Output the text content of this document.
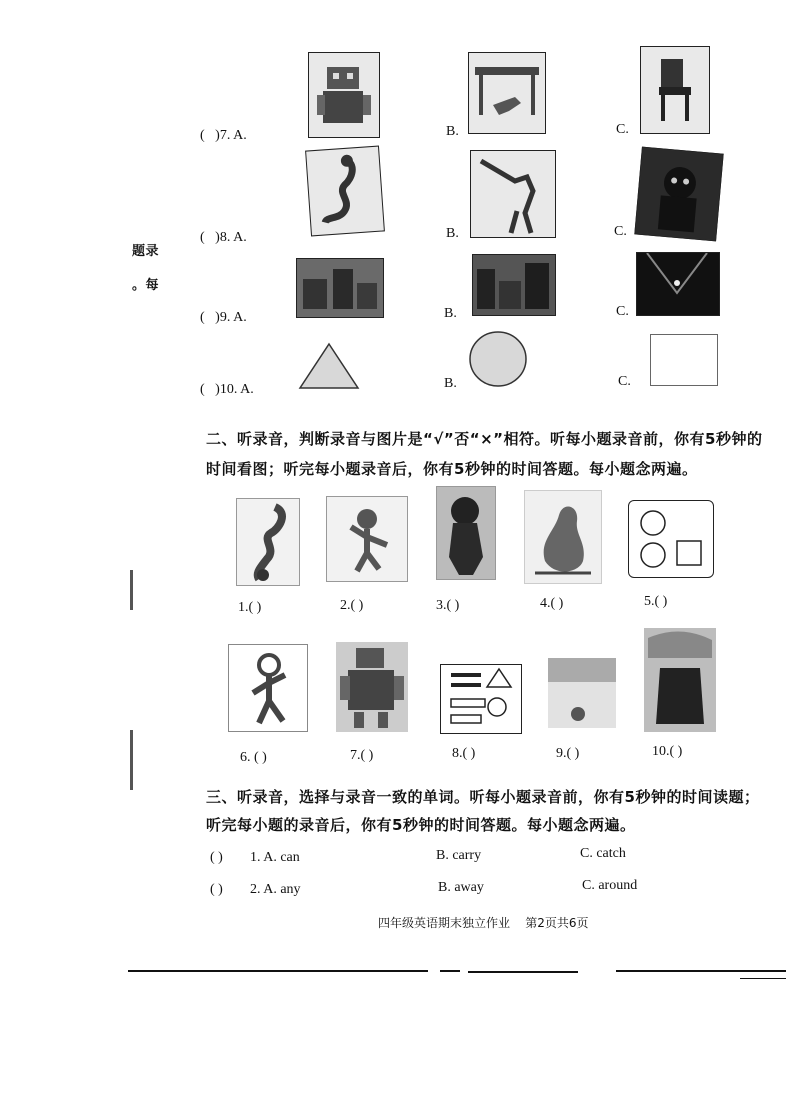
题录
。每
( )7. A.	B.	C.
( )8. A.	B.	C.
( )9. A.	B.	C.
( )10. A.	B.	C.
二、听录音，判断录音与图片是“√”否“×”相符。听每小题录音前，你有5秒钟的
时间看图；听完每小题录音后，你有5秒钟的时间答题。每小题念两遍。
1.( )	2.( )	3.( )	4.( )	5.( )
6. ( )	7.( )	8.( )	9.( )	10.( )
三、听录音，选择与录音一致的单词。听每小题录音前，你有5秒钟的时间读题；
听完每小题的录音后，你有5秒钟的时间答题。每小题念两遍。
( ) 1. A. can	B. carry	C. catch
( ) 2. A. any	B. away	C. around
四年级英语期末独立作业    第2页共6页
